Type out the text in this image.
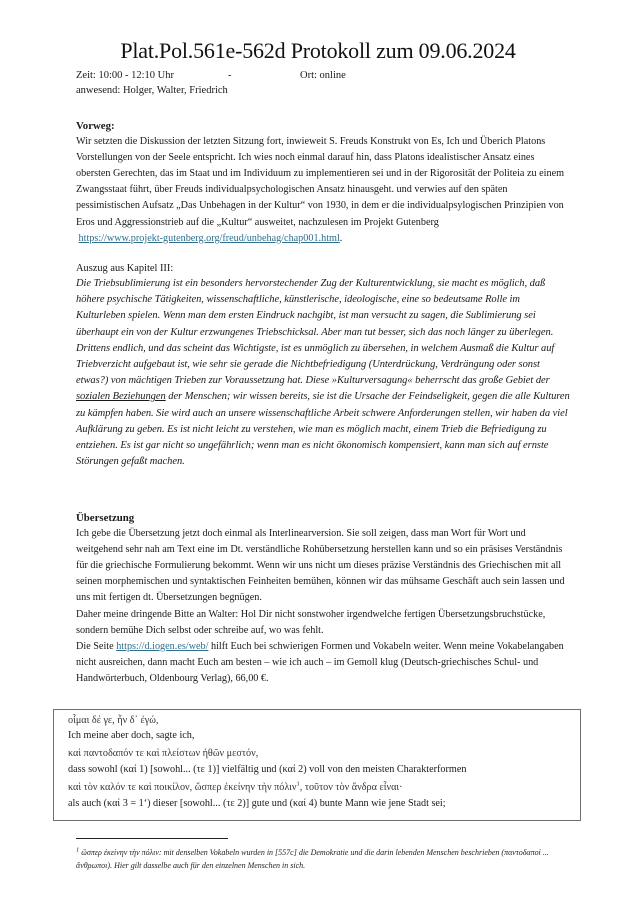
Plat.Pol.561e-562d Protokoll zum 09.06.2024
Zeit: 10:00 - 12:10 Uhr	-	Ort: online
anwesend: Holger, Walter, Friedrich
Vorweg:
Wir setzten die Diskussion der letzten Sitzung fort, inwieweit S. Freuds Konstrukt von Es, Ich und Überich Platons Vorstellungen von der Seele entspricht. Ich wies noch einmal darauf hin, dass Platons idealistischer Ansatz eines obersten Gerechten, das im Staat und im Individuum zu implementieren sei und in der Rigorosität der Politeia zu einem Zwangsstaat führt, über Freuds individualpsychologischen Ansatz hinausgeht. und verwies auf den späten pessimistischen Aufsatz „Das Unbehagen in der Kultur“ von 1930, in dem er die individualpsylogischen Prinzipien von Eros und Aggressionstrieb auf die „Kultur“ ausweitet, nachzulesen im Projekt Gutenberg
https://www.projekt-gutenberg.org/freud/unbehag/chap001.html.
Auszug aus Kapitel III:
Die Triebsublimierung ist ein besonders hervorstechender Zug der Kulturentwicklung, sie macht es möglich, daß höhere psychische Tätigkeiten, wissenschaftliche, künstlerische, ideologische, eine so bedeutsame Rolle im Kulturleben spielen. Wenn man dem ersten Eindruck nachgibt, ist man versucht zu sagen, die Sublimierung sei überhaupt ein von der Kultur erzwungenes Triebschicksal. Aber man tut besser, sich das noch länger zu überlegen. Drittens endlich, und das scheint das Wichtigste, ist es unmöglich zu übersehen, in welchem Ausmaß die Kultur auf Triebverzicht aufgebaut ist, wie sehr sie gerade die Nichtbefriedigung (Unterdrückung, Verdrängung oder sonst etwas?) von mächtigen Trieben zur Voraussetzung hat. Diese »Kulturversagung« beherrscht das große Gebiet der sozialen Beziehungen der Menschen; wir wissen bereits, sie ist die Ursache der Feindseligkeit, gegen die alle Kulturen zu kämpfen haben. Sie wird auch an unsere wissenschaftliche Arbeit schwere Anforderungen stellen, wir haben da viel Aufklärung zu geben. Es ist nicht leicht zu verstehen, wie man es möglich macht, einem Trieb die Befriedigung zu entziehen. Es ist gar nicht so ungefährlich; wenn man es nicht ökonomisch kompensiert, kann man sich auf ernste Störungen gefaßt machen.
Übersetzung
Ich gebe die Übersetzung jetzt doch einmal als Interlinearversion. Sie soll zeigen, dass man Wort für Wort und weitgehend sehr nah am Text eine im Dt. verständliche Rohübersetzung herstellen kann und so ein präsises Verständnis für die griechische Formulierung bekommt. Wenn wir uns nicht um dieses präzise Verständnis des Griechischen mit all seinen morphemischen und syntaktischen Feinheiten bemühen, können wir das mühsame Geschäft auch sein lassen und uns mit fertigen dt. Übersetzungen begnügen.
Daher meine dringende Bitte an Walter: Hol Dir nicht sonstwoher irgendwelche fertigen Übersetzungsbruchstücke, sondern bemühe Dich selbst oder schreibe auf, wo was fehlt.
Die Seite https://d.iogen.es/web/ hilft Euch bei schwierigen Formen und Vokabeln weiter. Wenn meine Vokabelangaben nicht ausreichen, dann macht Euch am besten – wie ich auch – im Gemoll klug (Deutsch-griechisches Schul- und Handwörterbuch, Oldenbourg Verlag), 66,00 €.
οἶμαι δέ γε, ἦν δ᾽ ἐγώ,
Ich meine aber doch, sagte ich,
καὶ παντοδαπόν τε καὶ πλείστων ἠθῶν μεστόν,
dass sowohl (καί 1) [sowohl... (τε 1)] vielfältig und (καί 2) voll von den meisten Charakterformen
καὶ τὸν καλόν τε καὶ ποικίλον, ὥσπερ ἐκείνην τὴν πόλιν$^1$, τοῦτον τὸν ἄνδρα εἶναι·
als auch (καί 3 = 1‘) dieser [sowohl... (τε 2)] gute und (καί 4) bunte Mann wie jene Stadt sei;
$^1$ ὥσπερ ἐκείνην τὴν πόλιν: mit denselben Vokabeln wurden in [557c] die Demokratie und die darin lebenden Menschen beschrieben (παντοδαποὶ ... ἄνθρωποι). Hier gilt dasselbe auch für den einzelnen Menschen in sich.
